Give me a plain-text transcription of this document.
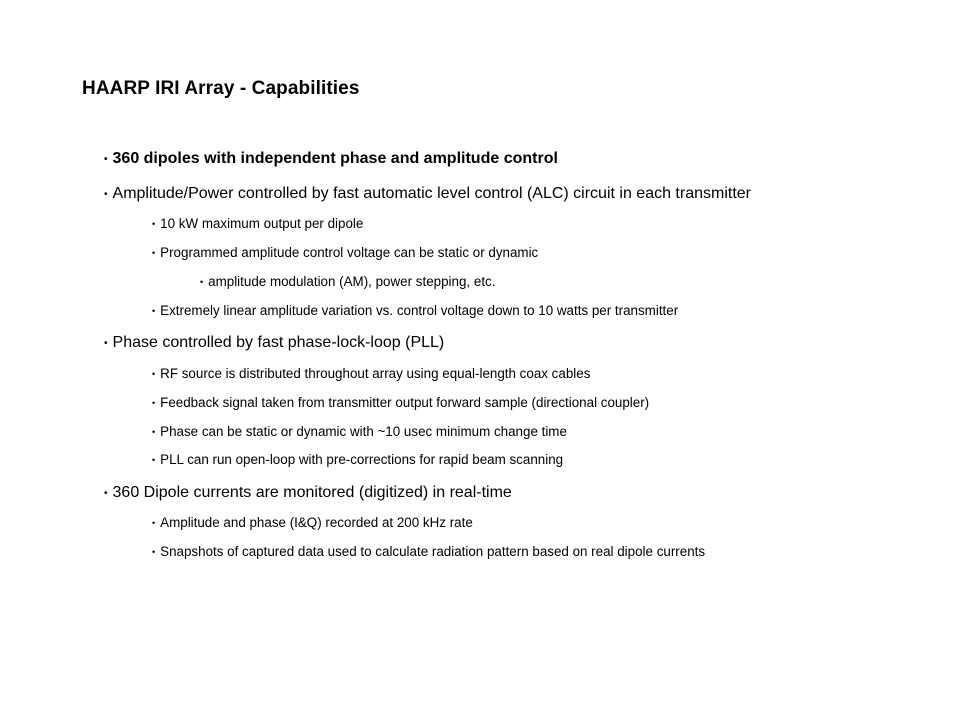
HAARP IRI Array - Capabilities
• 360 dipoles with independent phase and amplitude control
• Amplitude/Power controlled by fast automatic level control (ALC) circuit in each transmitter
• 10 kW maximum output per dipole
• Programmed amplitude control voltage can be static or dynamic
• amplitude modulation (AM), power stepping, etc.
• Extremely linear amplitude variation vs. control voltage down to 10 watts per transmitter
• Phase controlled by fast phase-lock-loop (PLL)
• RF source is distributed throughout array using equal-length coax cables
• Feedback signal taken from transmitter output forward sample (directional coupler)
• Phase can be static or dynamic with ~10 usec minimum change time
• PLL can run open-loop with pre-corrections for rapid beam scanning
• 360 Dipole currents are monitored (digitized) in real-time
• Amplitude and phase (I&Q) recorded at 200 kHz rate
• Snapshots of captured data used to calculate radiation pattern based on real dipole currents
